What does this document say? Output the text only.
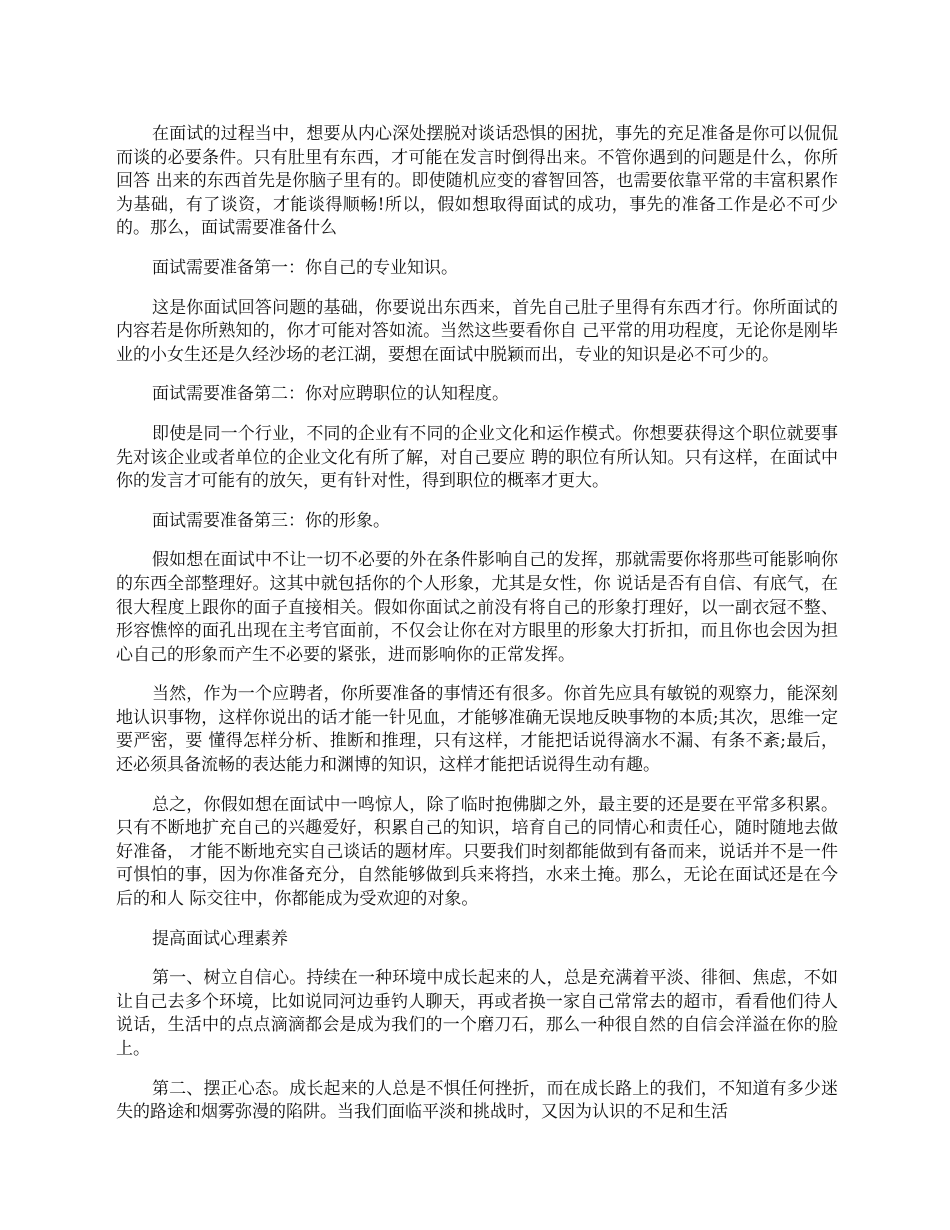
在面试的过程当中，想要从内心深处摆脱对谈话恐惧的困扰，事先的充足准备是你可以侃侃而谈的必要条件。只有肚里有东西，才可能在发言时倒得出来。不管你遇到的问题是什么，你所回答 出来的东西首先是你脑子里有的。即使随机应变的睿智回答，也需要依靠平常的丰富积累作为基础，有了谈资，才能谈得顺畅!所以，假如想取得面试的成功，事先的准备工作是必不可少的。那么，面试需要准备什么

面试需要准备第一：你自己的专业知识。

这是你面试回答问题的基础，你要说出东西来，首先自己肚子里得有东西才行。你所面试的内容若是你所熟知的，你才可能对答如流。当然这些要看你自 己平常的用功程度，无论你是刚毕业的小女生还是久经沙场的老江湖，要想在面试中脱颖而出，专业的知识是必不可少的。

面试需要准备第二：你对应聘职位的认知程度。

即使是同一个行业，不同的企业有不同的企业文化和运作模式。你想要获得这个职位就要事先对该企业或者单位的企业文化有所了解，对自己要应 聘的职位有所认知。只有这样，在面试中你的发言才可能有的放矢，更有针对性，得到职位的概率才更大。

面试需要准备第三：你的形象。

假如想在面试中不让一切不必要的外在条件影响自己的发挥，那就需要你将那些可能影响你的东西全部整理好。这其中就包括你的个人形象，尤其是女性，你 说话是否有自信、有底气，在很大程度上跟你的面子直接相关。假如你面试之前没有将自己的形象打理好，以一副衣冠不整、形容憔悴的面孔出现在主考官面前，不仅会让你在对方眼里的形象大打折扣，而且你也会因为担心自己的形象而产生不必要的紧张，进而影响你的正常发挥。

当然，作为一个应聘者，你所要准备的事情还有很多。你首先应具有敏锐的观察力，能深刻地认识事物，这样你说出的话才能一针见血，才能够准确无误地反映事物的本质;其次，思维一定要严密，要 懂得怎样分析、推断和推理，只有这样，才能把话说得滴水不漏、有条不紊;最后，还必须具备流畅的表达能力和渊博的知识，这样才能把话说得生动有趣。

总之，你假如想在面试中一鸣惊人，除了临时抱佛脚之外，最主要的还是要在平常多积累。只有不断地扩充自己的兴趣爱好，积累自己的知识，培育自己的同情心和责任心，随时随地去做好准备， 才能不断地充实自己谈话的题材库。只要我们时刻都能做到有备而来，说话并不是一件可惧怕的事，因为你准备充分，自然能够做到兵来将挡，水来土掩。那么，无论在面试还是在今后的和人 际交往中，你都能成为受欢迎的对象。

提高面试心理素养

第一、树立自信心。持续在一种环境中成长起来的人，总是充满着平淡、徘徊、焦虑，不如让自己去多个环境，比如说同河边垂钓人聊天，再或者换一家自己常常去的超市，看看他们待人说话，生活中的点点滴滴都会是成为我们的一个磨刀石，那么一种很自然的自信会洋溢在你的脸上。

第二、摆正心态。成长起来的人总是不惧任何挫折，而在成长路上的我们，不知道有多少迷失的路途和烟雾弥漫的陷阱。当我们面临平淡和挑战时，又因为认识的不足和生活
